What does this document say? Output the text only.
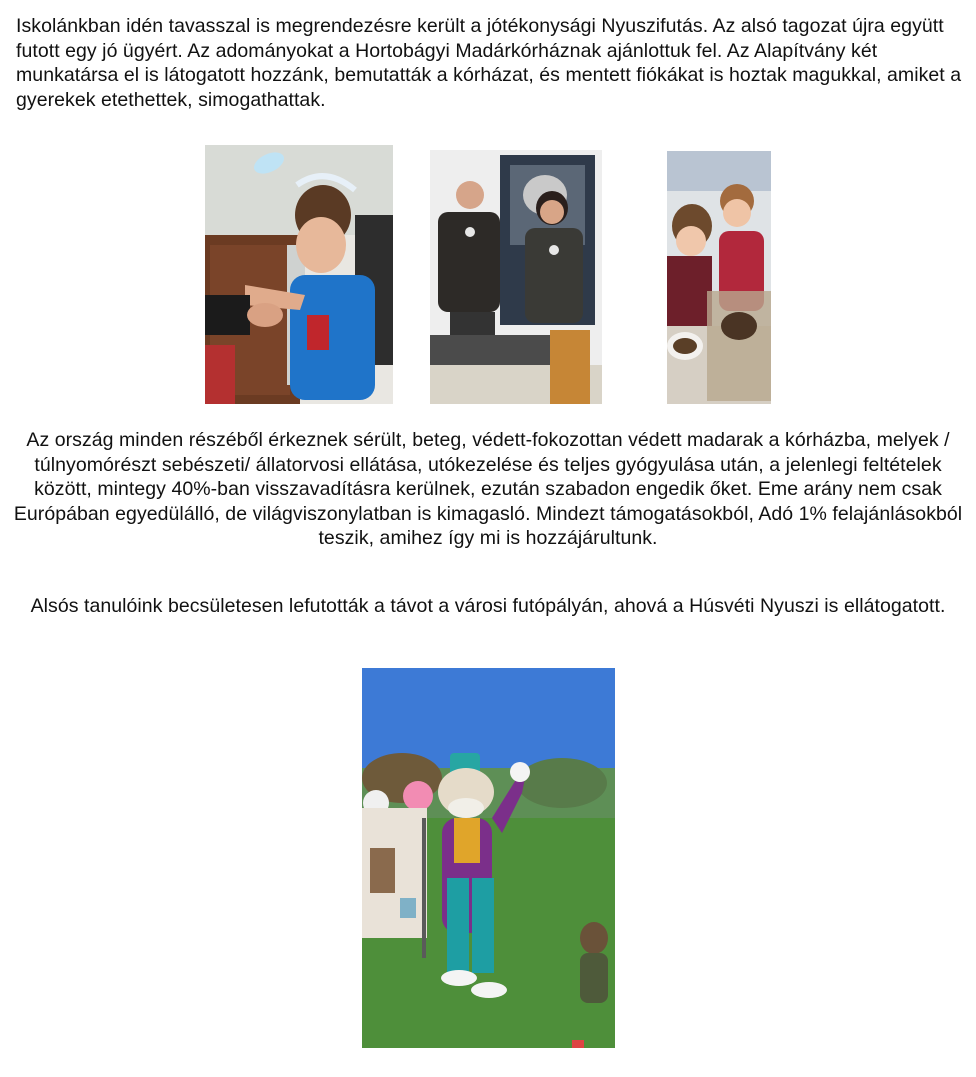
Iskolánkban idén tavasszal is megrendezésre került a jótékonysági Nyuszifutás. Az alsó tagozat újra együtt futott egy jó ügyért. Az adományokat a Hortobágyi Madárkórháznak ajánlottuk fel. Az Alapítvány két munkatársa el is látogatott hozzánk, bemutatták a kórházat, és mentett fiókákat is hoztak magukkal, amiket a gyerekek etethettek, simogathattak.

Az ország minden részéből érkeznek sérült, beteg, védett-fokozottan védett madarak a kórházba, melyek / túlnyomórészt sebészeti/ állatorvosi ellátása, utókezelése és teljes gyógyulása után, a jelenlegi feltételek között, mintegy 40%-ban visszavadításra kerülnek, ezután szabadon engedik őket. Eme arány nem csak Európában egyedülálló, de világviszonylatban is kimagasló. Mindezt támogatásokból, Adó 1% felajánlásokból teszik, amihez így mi is hozzájárultunk.

Alsós tanulóink becsületesen lefutották a távot a városi futópályán, ahová a Húsvéti Nyuszi is ellátogatott.
